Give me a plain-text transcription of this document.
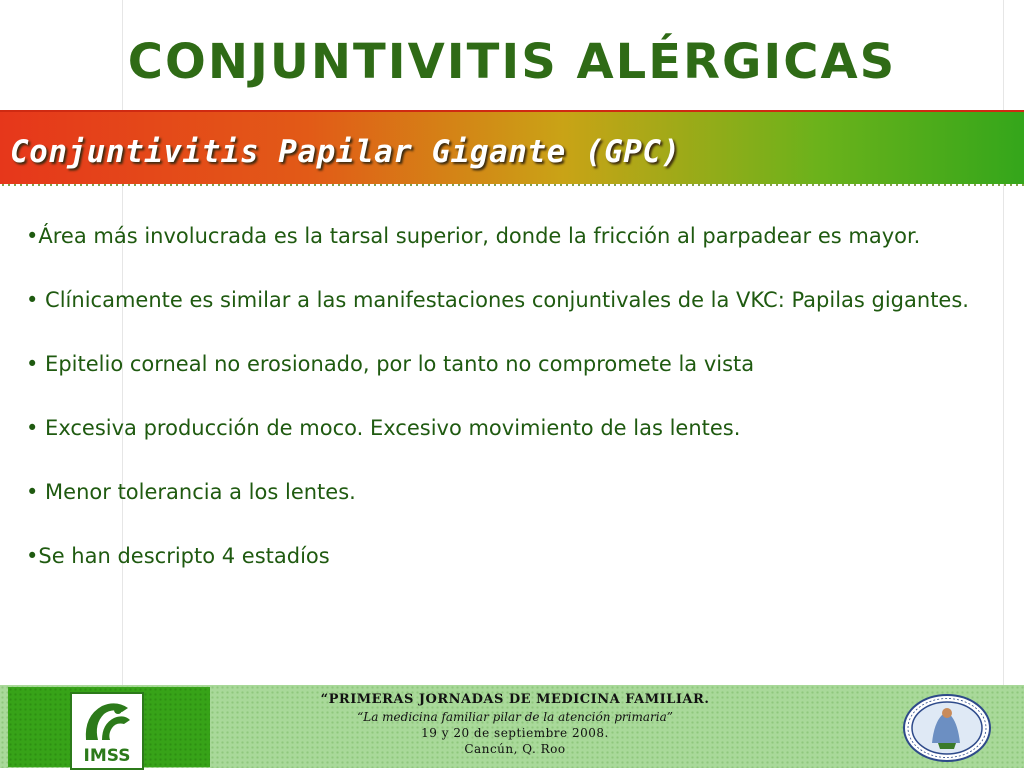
CONJUNTIVITIS ALÉRGICAS
Conjuntivitis Papilar Gigante (GPC)

•Área más involucrada es la tarsal superior, donde la fricción al parpadear es mayor.

• Clínicamente es similar a las manifestaciones conjuntivales de la VKC: Papilas gigantes.

• Epitelio corneal no erosionado, por lo tanto no compromete la vista

• Excesiva producción de moco. Excesivo movimiento de las lentes.

• Menor tolerancia a los lentes.

•Se han descripto 4 estadíos

IMSS
“PRIMERAS JORNADAS DE MEDICINA FAMILIAR.
“La medicina familiar pilar de la atención primaria”
19 y 20 de septiembre 2008.
Cancún, Q. Roo
